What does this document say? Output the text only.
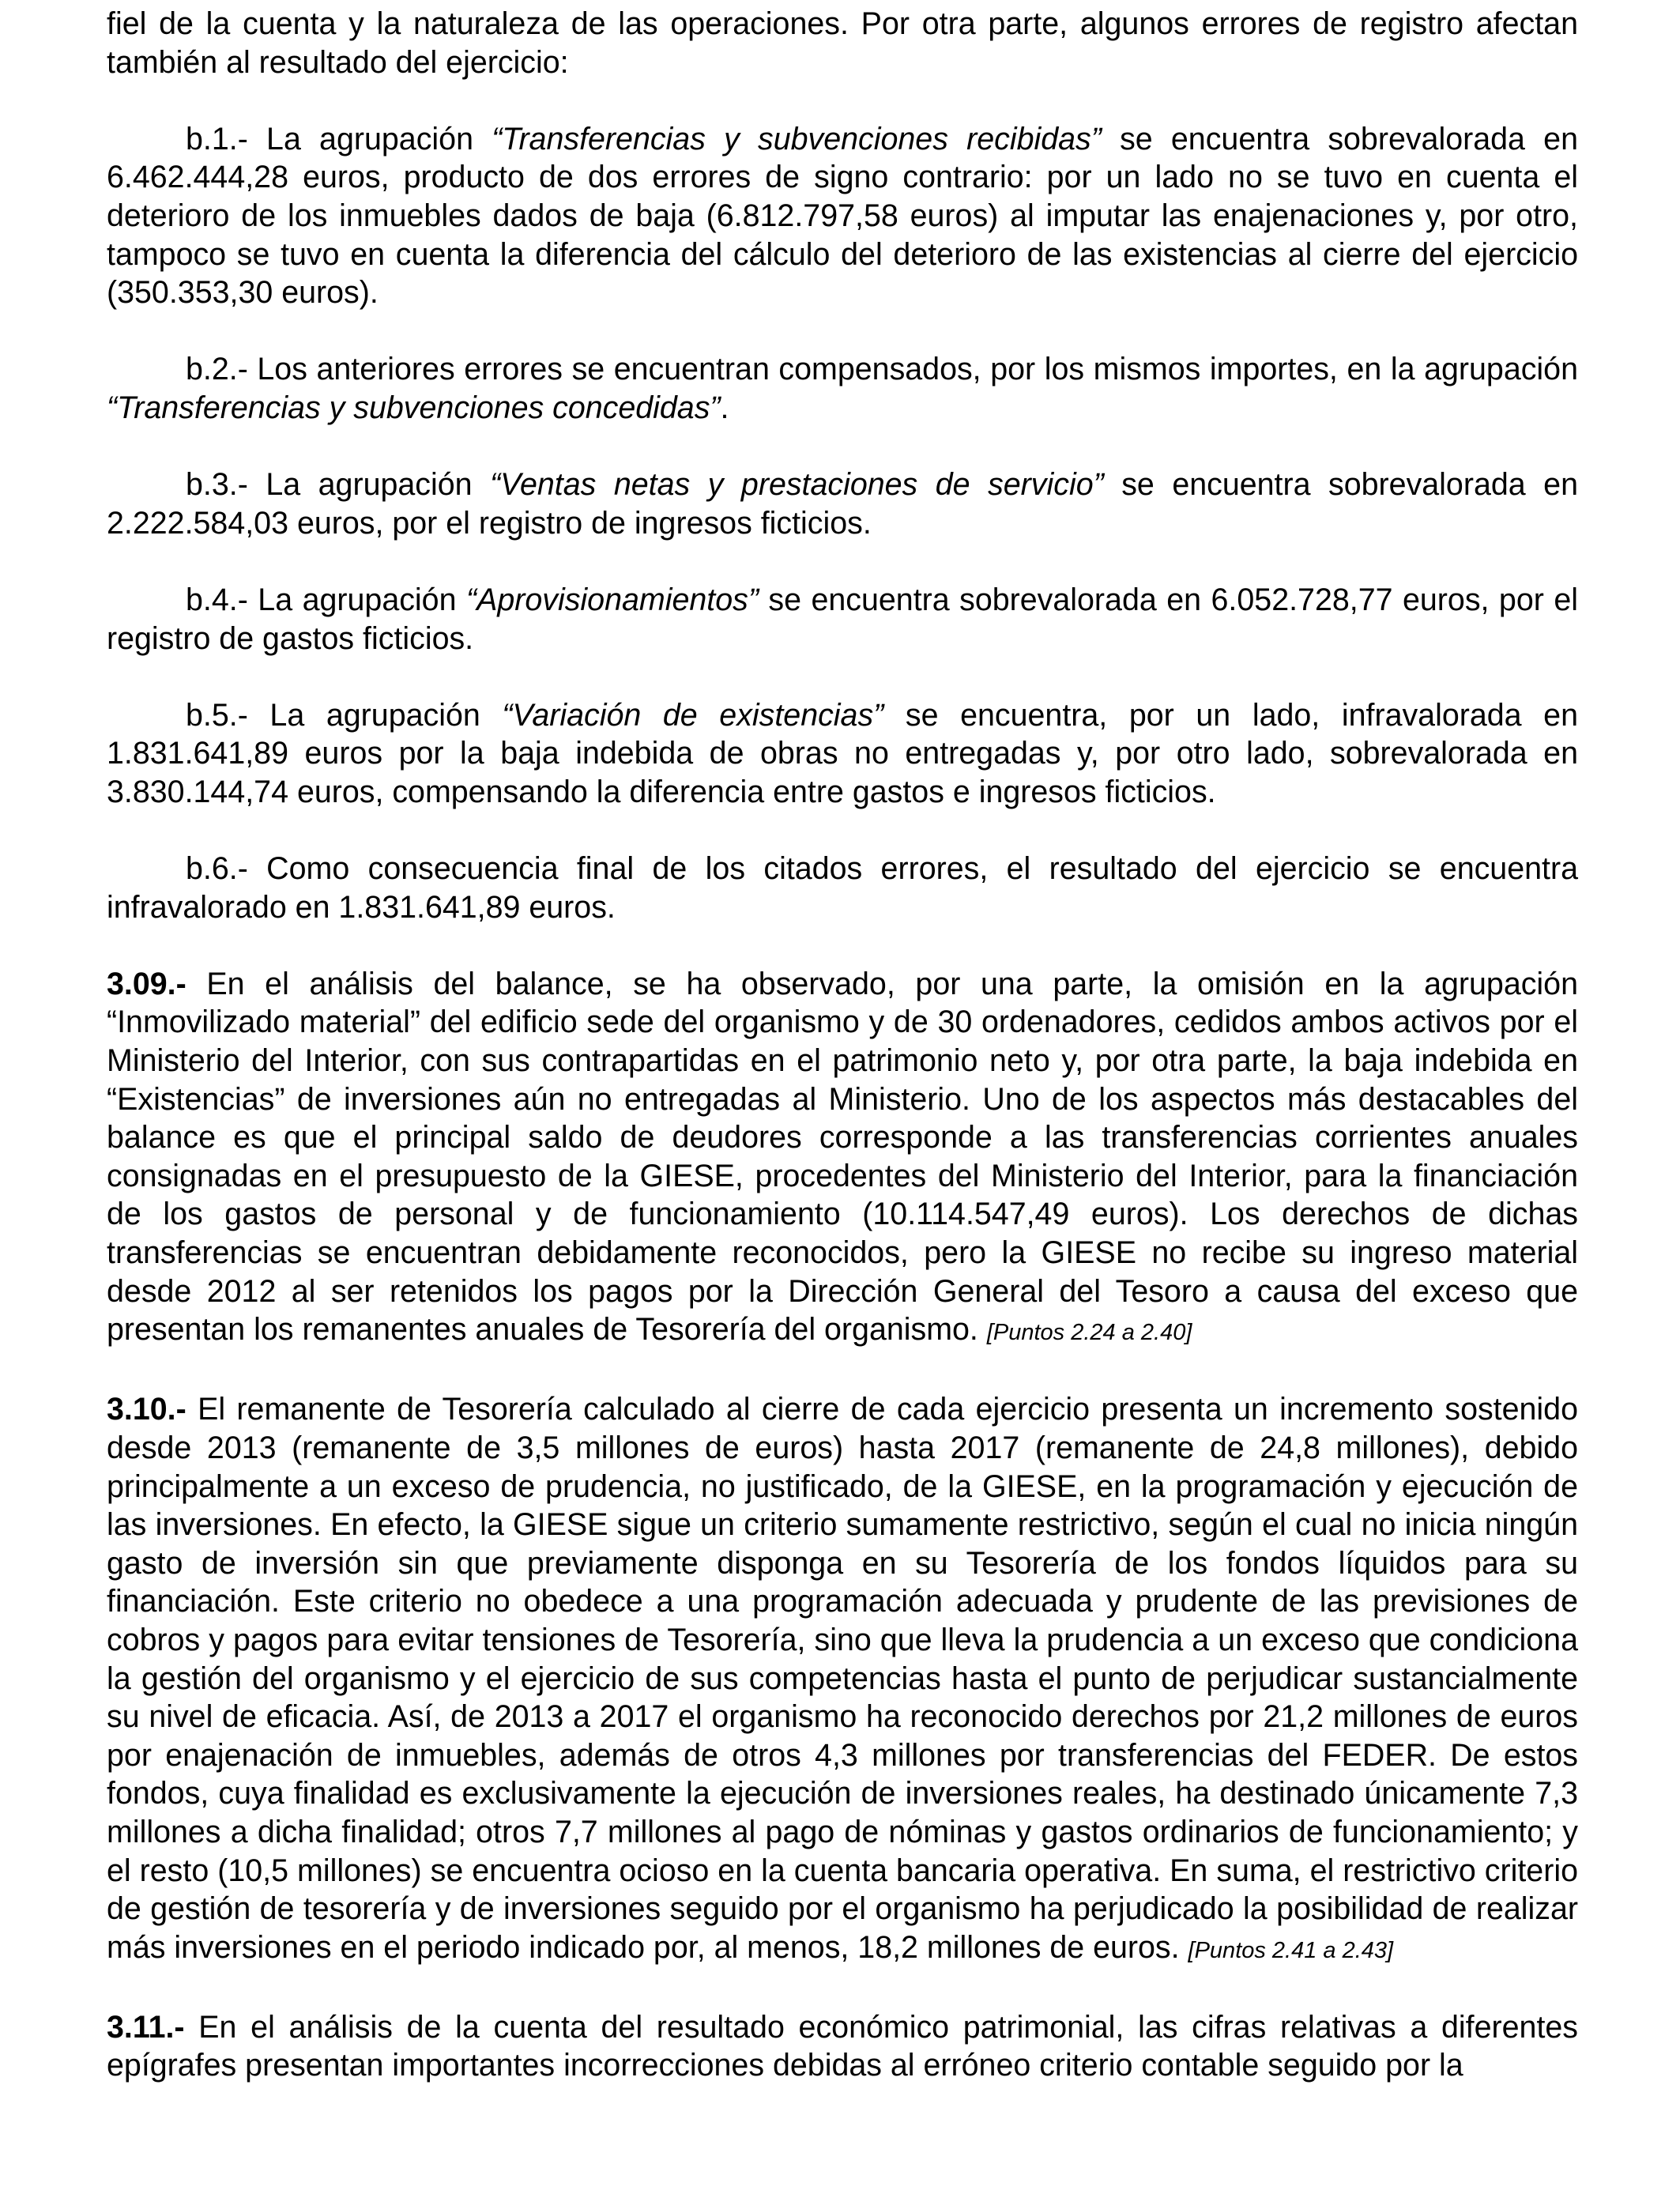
fiel de la cuenta y la naturaleza de las operaciones. Por otra parte, algunos errores de registro afectan también al resultado del ejercicio:

b.1.- La agrupación “Transferencias y subvenciones recibidas” se encuentra sobrevalorada en 6.462.444,28 euros, producto de dos errores de signo contrario: por un lado no se tuvo en cuenta el deterioro de los inmuebles dados de baja (6.812.797,58 euros) al imputar las enajenaciones y, por otro, tampoco se tuvo en cuenta la diferencia del cálculo del deterioro de las existencias al cierre del ejercicio (350.353,30 euros).

b.2.- Los anteriores errores se encuentran compensados, por los mismos importes, en la agrupación “Transferencias y subvenciones concedidas”.

b.3.- La agrupación “Ventas netas y prestaciones de servicio” se encuentra sobrevalorada en 2.222.584,03 euros, por el registro de ingresos ficticios.

b.4.- La agrupación “Aprovisionamientos” se encuentra sobrevalorada en 6.052.728,77 euros, por el registro de gastos ficticios.

b.5.- La agrupación “Variación de existencias” se encuentra, por un lado, infravalorada en 1.831.641,89 euros por la baja indebida de obras no entregadas y, por otro lado, sobrevalorada en 3.830.144,74 euros, compensando la diferencia entre gastos e ingresos ficticios.

b.6.- Como consecuencia final de los citados errores, el resultado del ejercicio se encuentra infravalorado en 1.831.641,89 euros.

3.09.- En el análisis del balance, se ha observado, por una parte, la omisión en la agrupación “Inmovilizado material” del edificio sede del organismo y de 30 ordenadores, cedidos ambos activos por el Ministerio del Interior, con sus contrapartidas en el patrimonio neto y, por otra parte, la baja indebida en “Existencias” de inversiones aún no entregadas al Ministerio. Uno de los aspectos más destacables del balance es que el principal saldo de deudores corresponde a las transferencias corrientes anuales consignadas en el presupuesto de la GIESE, procedentes del Ministerio del Interior, para la financiación de los gastos de personal y de funcionamiento (10.114.547,49 euros). Los derechos de dichas transferencias se encuentran debidamente reconocidos, pero la GIESE no recibe su ingreso material desde 2012 al ser retenidos los pagos por la Dirección General del Tesoro a causa del exceso que presentan los remanentes anuales de Tesorería del organismo. [Puntos 2.24 a 2.40]

3.10.- El remanente de Tesorería calculado al cierre de cada ejercicio presenta un incremento sostenido desde 2013 (remanente de 3,5 millones de euros) hasta 2017 (remanente de 24,8 millones), debido principalmente a un exceso de prudencia, no justificado, de la GIESE, en la programación y ejecución de las inversiones. En efecto, la GIESE sigue un criterio sumamente restrictivo, según el cual no inicia ningún gasto de inversión sin que previamente disponga en su Tesorería de los fondos líquidos para su financiación. Este criterio no obedece a una programación adecuada y prudente de las previsiones de cobros y pagos para evitar tensiones de Tesorería, sino que lleva la prudencia a un exceso que condiciona la gestión del organismo y el ejercicio de sus competencias hasta el punto de perjudicar sustancialmente su nivel de eficacia. Así, de 2013 a 2017 el organismo ha reconocido derechos por 21,2 millones de euros por enajenación de inmuebles, además de otros 4,3 millones por transferencias del FEDER. De estos fondos, cuya finalidad es exclusivamente la ejecución de inversiones reales, ha destinado únicamente 7,3 millones a dicha finalidad; otros 7,7 millones al pago de nóminas y gastos ordinarios de funcionamiento; y el resto (10,5 millones) se encuentra ocioso en la cuenta bancaria operativa. En suma, el restrictivo criterio de gestión de tesorería y de inversiones seguido por el organismo ha perjudicado la posibilidad de realizar más inversiones en el periodo indicado por, al menos, 18,2 millones de euros. [Puntos 2.41 a 2.43]

3.11.- En el análisis de la cuenta del resultado económico patrimonial, las cifras relativas a diferentes epígrafes presentan importantes incorrecciones debidas al erróneo criterio contable seguido por la
